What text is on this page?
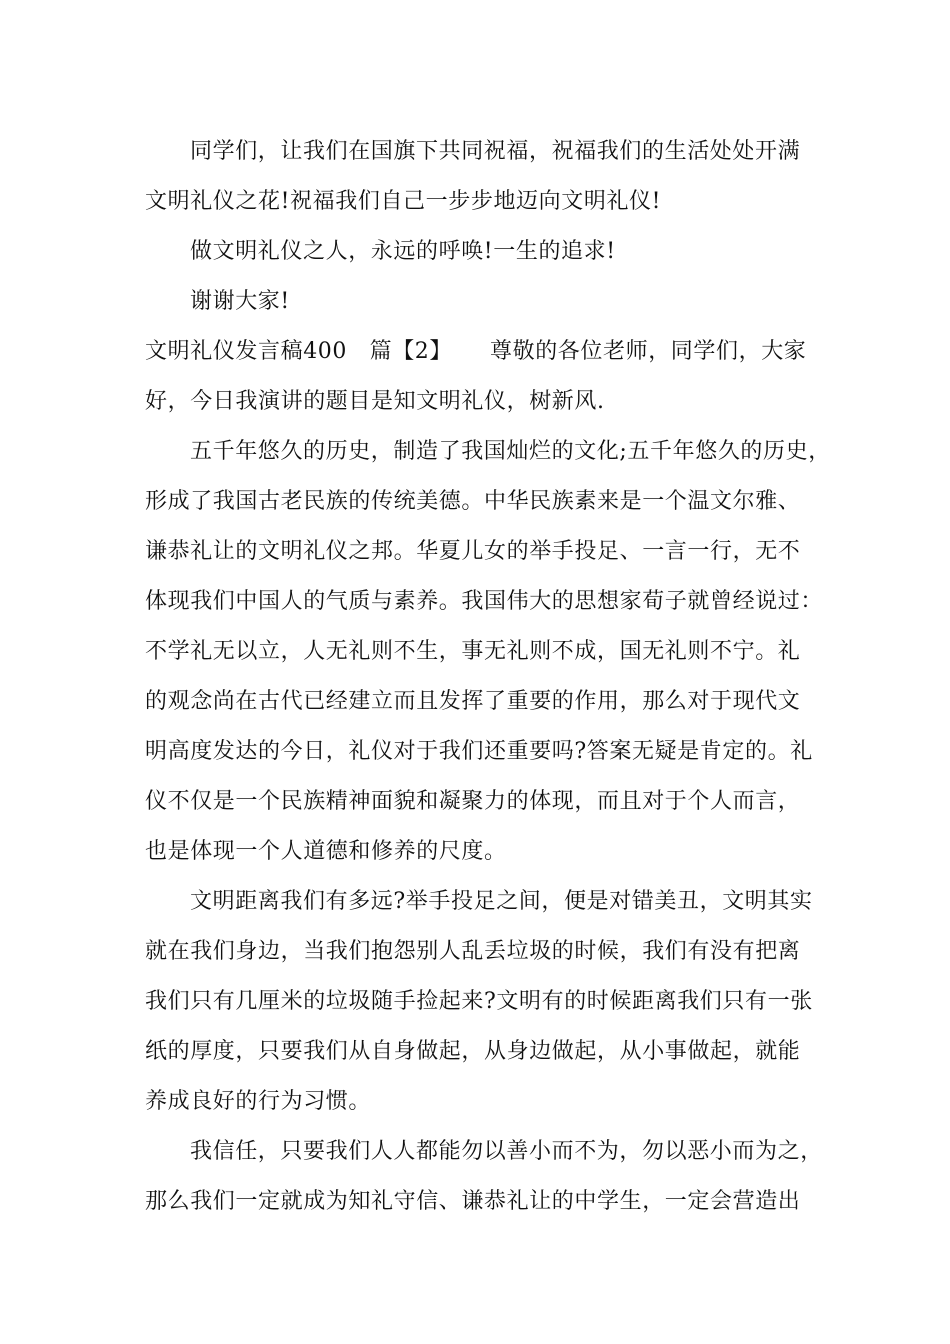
同学们，让我们在国旗下共同祝福，祝福我们的生活处处开满
文明礼仪之花!祝福我们自己一步步地迈向文明礼仪!
做文明礼仪之人，永远的呼唤!一生的追求!
谢谢大家!
文明礼仪发言稿400　篇【2】 尊敬的各位老师，同学们，大家
好，今日我演讲的题目是知文明礼仪，树新风.
五千年悠久的历史，制造了我国灿烂的文化;五千年悠久的历史，
形成了我国古老民族的传统美德。中华民族素来是一个温文尔雅、
谦恭礼让的文明礼仪之邦。华夏儿女的举手投足、一言一行，无不
体现我们中国人的气质与素养。我国伟大的思想家荀子就曾经说过：
不学礼无以立，人无礼则不生，事无礼则不成，国无礼则不宁。礼
的观念尚在古代已经建立而且发挥了重要的作用，那么对于现代文
明高度发达的今日，礼仪对于我们还重要吗?答案无疑是肯定的。礼
仪不仅是一个民族精神面貌和凝聚力的体现，而且对于个人而言，
也是体现一个人道德和修养的尺度。
文明距离我们有多远?举手投足之间，便是对错美丑，文明其实
就在我们身边，当我们抱怨别人乱丢垃圾的时候，我们有没有把离
我们只有几厘米的垃圾随手捡起来?文明有的时候距离我们只有一张
纸的厚度，只要我们从自身做起，从身边做起，从小事做起，就能
养成良好的行为习惯。
我信任，只要我们人人都能勿以善小而不为，勿以恶小而为之，
那么我们一定就成为知礼守信、谦恭礼让的中学生，一定会营造出
